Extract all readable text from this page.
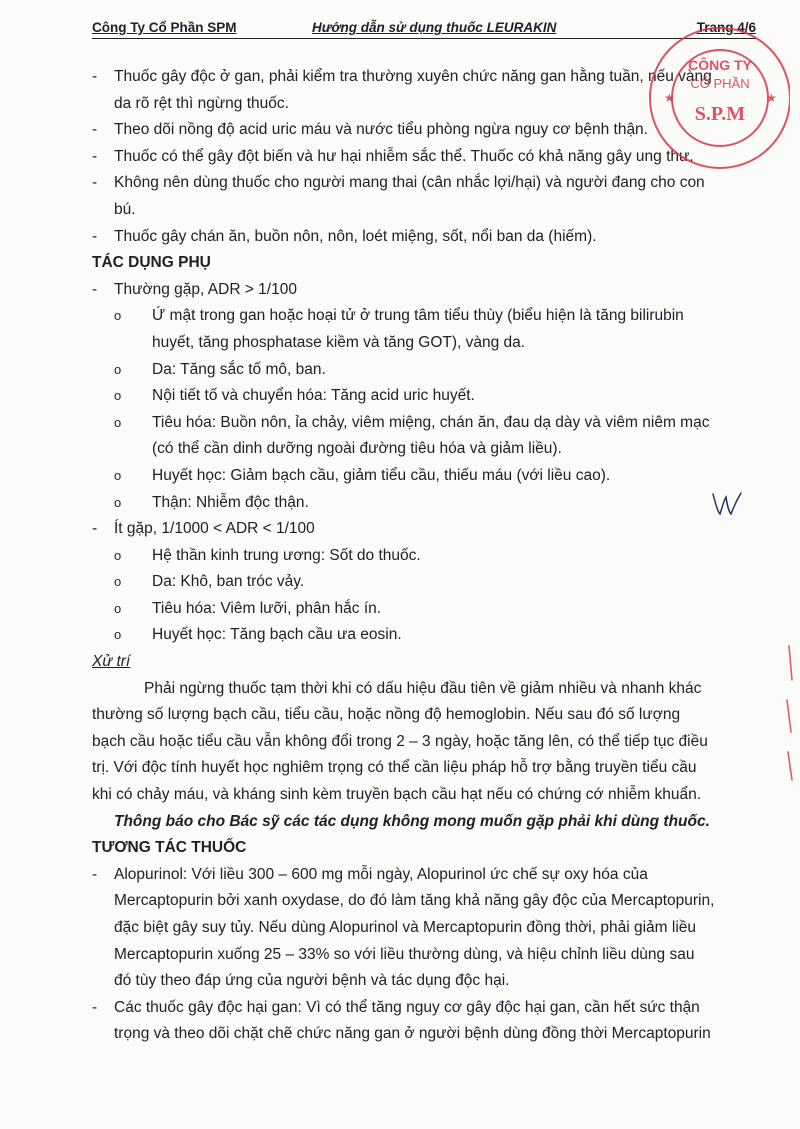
Công Ty Cổ Phần SPM	Hướng dẫn sử dụng thuốc LEURAKIN	Trang 4/6
- Thuốc gây độc ở gan, phải kiểm tra thường xuyên chức năng gan hằng tuần, nếu vàng
da rõ rệt thì ngừng thuốc.
- Theo dõi nồng độ acid uric máu và nước tiểu phòng ngừa nguy cơ bệnh thận.
- Thuốc có thể gây đột biến và hư hại nhiễm sắc thể. Thuốc có khả năng gây ung thư.
- Không nên dùng thuốc cho người mang thai (cân nhắc lợi/hại) và người đang cho con
bú.
- Thuốc gây chán ăn, buồn nôn, nôn, loét miệng, sốt, nổi ban da (hiếm).
TÁC DỤNG PHỤ
- Thường gặp, ADR > 1/100
o Ứ mật trong gan hoặc hoại tử ở trung tâm tiểu thùy (biểu hiện là tăng bilirubin
huyết, tăng phosphatase kiềm và tăng GOT), vàng da.
o Da: Tăng sắc tố mô, ban.
o Nội tiết tố và chuyển hóa: Tăng acid uric huyết.
o Tiêu hóa: Buồn nôn, ỉa chảy, viêm miệng, chán ăn, đau dạ dày và viêm niêm mạc
(có thể cần dinh dưỡng ngoài đường tiêu hóa và giảm liều).
o Huyết học: Giảm bạch cầu, giảm tiểu cầu, thiếu máu (với liều cao).
o Thận: Nhiễm độc thận.
- Ít gặp, 1/1000 < ADR < 1/100
o Hệ thần kinh trung ương: Sốt do thuốc.
o Da: Khô, ban tróc vảy.
o Tiêu hóa: Viêm lưỡi, phân hắc ín.
o Huyết học: Tăng bạch cầu ưa eosin.
Xử trí
Phải ngừng thuốc tạm thời khi có dấu hiệu đầu tiên về giảm nhiều và nhanh khác
thường số lượng bạch cầu, tiểu cầu, hoặc nồng độ hemoglobin. Nếu sau đó số lượng
bạch cầu hoặc tiểu cầu vẫn không đổi trong 2 – 3 ngày, hoặc tăng lên, có thể tiếp tục điều
trị. Với độc tính huyết học nghiêm trọng có thể cần liệu pháp hỗ trợ bằng truyền tiểu cầu
khi có chảy máu, và kháng sinh kèm truyền bạch cầu hạt nếu có chứng cớ nhiễm khuẩn.
Thông báo cho Bác sỹ các tác dụng không mong muốn gặp phải khi dùng thuốc.
TƯƠNG TÁC THUỐC
- Alopurinol: Với liều 300 – 600 mg mỗi ngày, Alopurinol ức chế sự oxy hóa của
Mercaptopurin bởi xanh oxydase, do đó làm tăng khả năng gây độc của Mercaptopurin,
đặc biệt gây suy tủy. Nếu dùng Alopurinol và Mercaptopurin đồng thời, phải giảm liều
Mercaptopurin xuống 25 – 33% so với liều thường dùng, và hiệu chỉnh liều dùng sau
đó tùy theo đáp ứng của người bệnh và tác dụng độc hại.
- Các thuốc gây độc hại gan: Vì có thể tăng nguy cơ gây độc hại gan, cần hết sức thận
trọng và theo dõi chặt chẽ chức năng gan ở người bệnh dùng đồng thời Mercaptopurin
CÔNG TY
CỔ PHẦN
S.P.M
★	★
